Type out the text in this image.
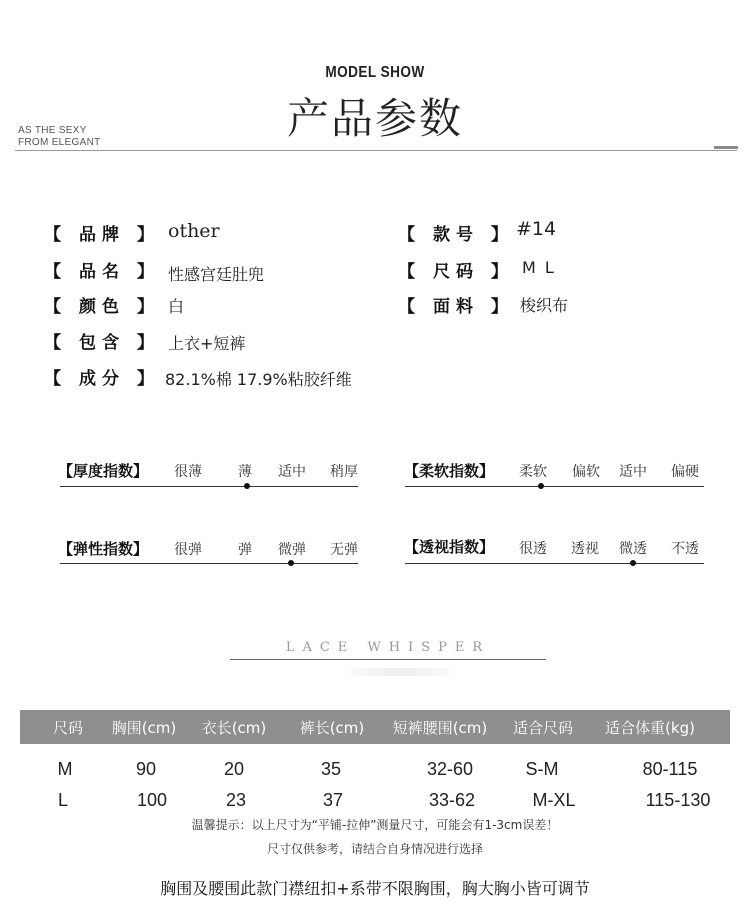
MODEL SHOW
产品参数
AS THE SEXY
FROM ELEGANT
【 品 牌 】 other
【 品 名 】 性感宫廷肚兜
【 颜 色 】 白
【 包 含 】 上衣+短裤
【 成 分 】 82.1%棉 17.9%粘胶纤维
【 款 号 】 #14
【 尺 码 】 M L
【 面 料 】 梭织布
【厚度指数】 很薄	薄 适中 稍厚	【柔软指数】 柔软 偏软 适中 偏硬
【弹性指数】 很弹	弹 微弹 无弹	【透视指数】 很透 透视 微透 不透
LACE WHISPER
尺码	胸围(cm)	衣长(cm)	裤长(cm)	短裤腰围(cm)	适合尺码	适合体重(kg)
M	90	20	35	32-60	S-M	80-115
L	100	23	37	33-62	M-XL	115-130
温馨提示：以上尺寸为“平铺-拉伸”测量尺寸，可能会有1-3cm误差！
尺寸仅供参考，请结合自身情况进行选择
胸围及腰围此款门襟纽扣+系带不限胸围，胸大胸小皆可调节
